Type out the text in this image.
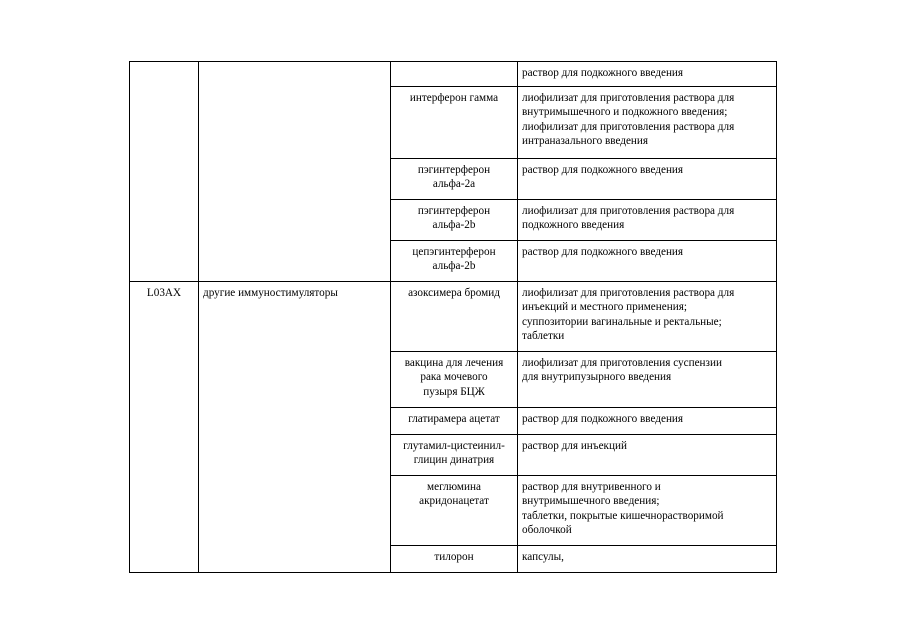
			раствор для подкожного введения

		интерферон гамма	лиофилизат для приготовления раствора для
внутримышечного и подкожного введения;
лиофилизат для приготовления раствора для
интраназального введения

		пэгинтерферон
альфа-2a	раствор для подкожного введения

		пэгинтерферон
альфа-2b	лиофилизат для приготовления раствора для
подкожного введения

		цепэгинтерферон
альфа-2b	раствор для подкожного введения

L03AX	другие иммуностимуляторы	азоксимера бромид	лиофилизат для приготовления раствора для
инъекций и местного применения;
суппозитории вагинальные и ректальные;
таблетки

		вакцина для лечения
рака мочевого
пузыря БЦЖ	лиофилизат для приготовления суспензии
для внутрипузырного введения

		глатирамера ацетат	раствор для подкожного введения

		глутамил-цистеинил-
глицин динатрия	раствор для инъекций

		меглюмина
акридонацетат	раствор для внутривенного и
внутримышечного введения;
таблетки, покрытые кишечнорастворимой
оболочкой

		тилорон	капсулы,
